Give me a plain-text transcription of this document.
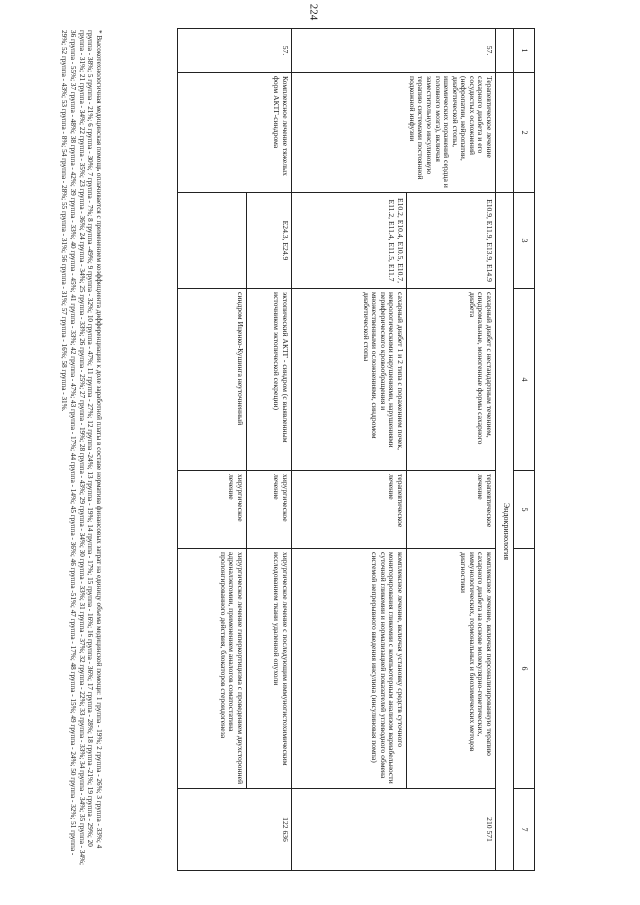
224
1	2	3	4	5	6	7
		Эндокринология				
57.	Терапевтическое лечение сахарного диабета и его сосудистых осложнений (нефропатии, нейропатии, диабетической стопы, ишемических поражений сердца и головного мозга), включая заместительную инсулиновую терапию системами постоянной подкожной инфузии	E10.9, E11.9, E13.9, E14.9	сахарный диабет с нестандартным течением, синдромальные, моногенные формы сахарного диабета	терапевтическое лечение	комплексное лечение, включая персонализированную терапию сахарного диабета на основе молекулярно-генетических, иммунологических, гормональных и биохимических методов диагностики	210 571
		E10.2, E10.4, E10.5, E10.7, E11.2, E11.4, E11.5, E11.7	сахарный диабет 1 и 2 типа с поражением почек, неврологическими нарушениями, нарушениями периферического кровообращения и множественными осложнениями, синдромом диабетической стопы	терапевтическое лечение	комплексное лечение, включая установку средств суточного мониторирования гликемии с компьютерным анализом вариабельности суточной гликемии и нормализацией показателей углеводного обмена системой непрерывного введения инсулина (инсулиновая помпа)	
57.	Комплексное лечение тяжелых форм АКТГ-синдрома	E24.3, E24.9	эктопический АКТГ - синдром (с выявленным источником эктопической секреции)	хирургическое лечение	хирургическое лечение с последующим иммуногистохимическим исследованием ткани удаленной опухоли	122 636
			синдром Иценко-Кушинга неуточненный	хирургическое лечение	хирургическое лечение гиперкортицизма с проведением двухсторонней адреналэктомии, применением аналогов соматостатина пролонгированного действия, блокаторов стероидогенеза	
* Высокотехнологичная медицинская помощь оплачивается с применением коэффициента дифференциации к доле заработной платы в составе норматива финансовых затрат на единицу объема медицинской помощи: 1 группа - 19%; 2 группа - 26%; 3 группа - 33%; 4 группа - 38%; 5 группа - 21%; 6 группа - 30%; 7 группа - 7%; 8 группа -49%; 9 группа - 32%; 10 группа - 47%; 11 группа - 27%; 12 группа -24%; 13 группа - 19%; 14 группа - 17%; 15 группа - 16%; 16 группа - 36%; 17 группа - 28%; 18 группа -21%; 19 группа - 29%; 20 группа - 31%; 21 группа - 34%; 22 группа - 35%; 23 группа - 36%; 24 группа - 34%; 25 группа - 33%; 26 группа - 25%; 27 группа - 19%; 28 группа - 43%; 29 группа - 34%; 30 группа - 33%; 31 группа - 37%; 32 группа - 22%; 33 группа - 33%; 34 группа - 34%; 35 группа - 34%; 36 группа - 55%; 37 группа - 48%; 38 группа - 42%; 39 группа - 33%; 40 группа - 45%; 41 группа - 33%; 42 группа - 47%; 43 группа - 17%; 44 группа - 14%; 45 группа - 36%; 46 группа -51%; 47 группа - 17%; 48 группа - 15%; 49 группа - 24%; 50 группа - 32%; 51 группа - 29%; 52 группа - 43%; 53 группа - 8%; 54 группа - 28%; 55 группа - 31%; 56 группа - 31%; 57 группа - 16%; 58 группа - 31%.
